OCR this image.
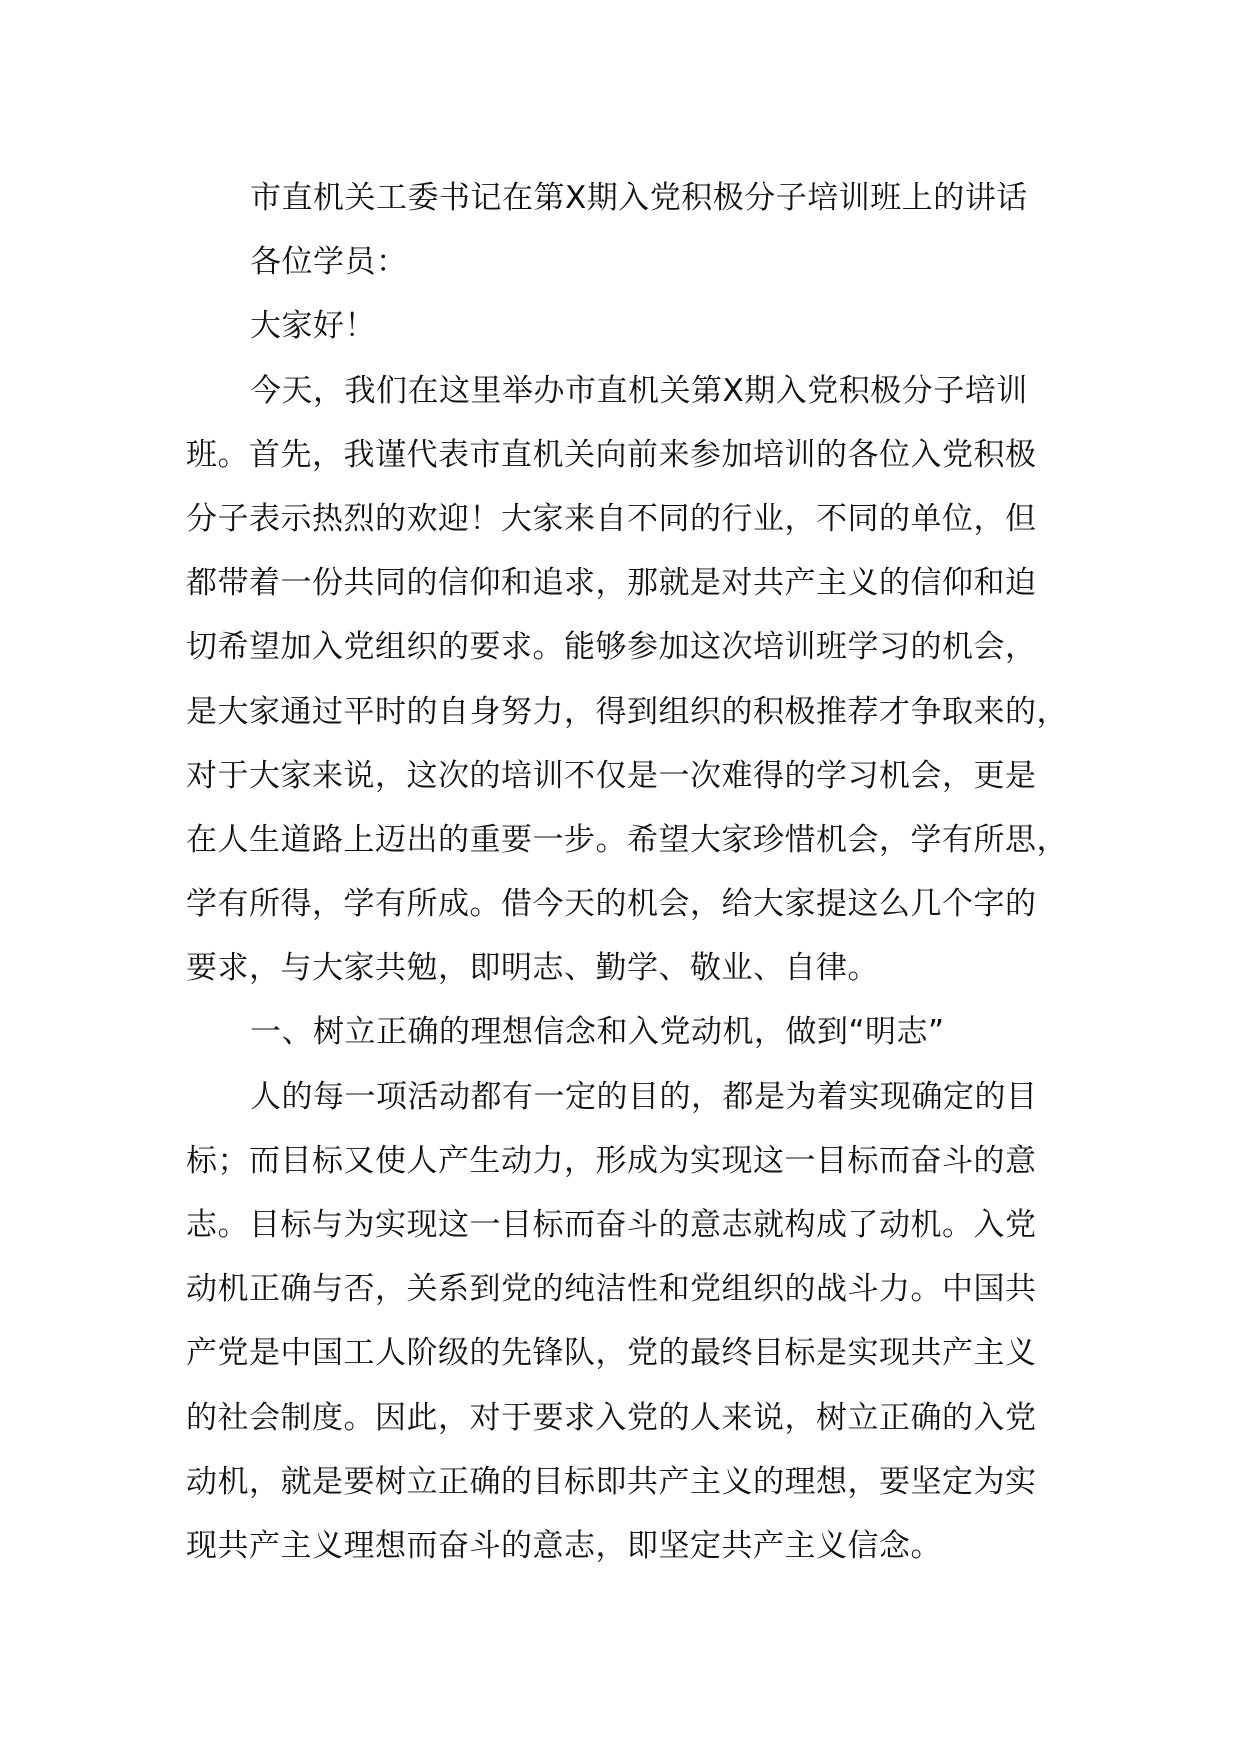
市直机关工委书记在第Ⅹ期入党积极分子培训班上的讲话
各位学员：
大家好！
今天，我们在这里举办市直机关第Ⅹ期入党积极分子培训
班。首先，我谨代表市直机关向前来参加培训的各位入党积极
分子表示热烈的欢迎！大家来自不同的行业，不同的单位，但
都带着一份共同的信仰和追求，那就是对共产主义的信仰和迫
切希望加入党组织的要求。能够参加这次培训班学习的机会，
是大家通过平时的自身努力，得到组织的积极推荐才争取来的，
对于大家来说，这次的培训不仅是一次难得的学习机会，更是
在人生道路上迈出的重要一步。希望大家珍惜机会，学有所思，
学有所得，学有所成。借今天的机会，给大家提这么几个字的
要求，与大家共勉，即明志、勤学、敬业、自律。
一、树立正确的理想信念和入党动机，做到“明志”
人的每一项活动都有一定的目的，都是为着实现确定的目
标；而目标又使人产生动力，形成为实现这一目标而奋斗的意
志。目标与为实现这一目标而奋斗的意志就构成了动机。入党
动机正确与否，关系到党的纯洁性和党组织的战斗力。中国共
产党是中国工人阶级的先锋队，党的最终目标是实现共产主义
的社会制度。因此，对于要求入党的人来说，树立正确的入党
动机，就是要树立正确的目标即共产主义的理想，要坚定为实
现共产主义理想而奋斗的意志，即坚定共产主义信念。
